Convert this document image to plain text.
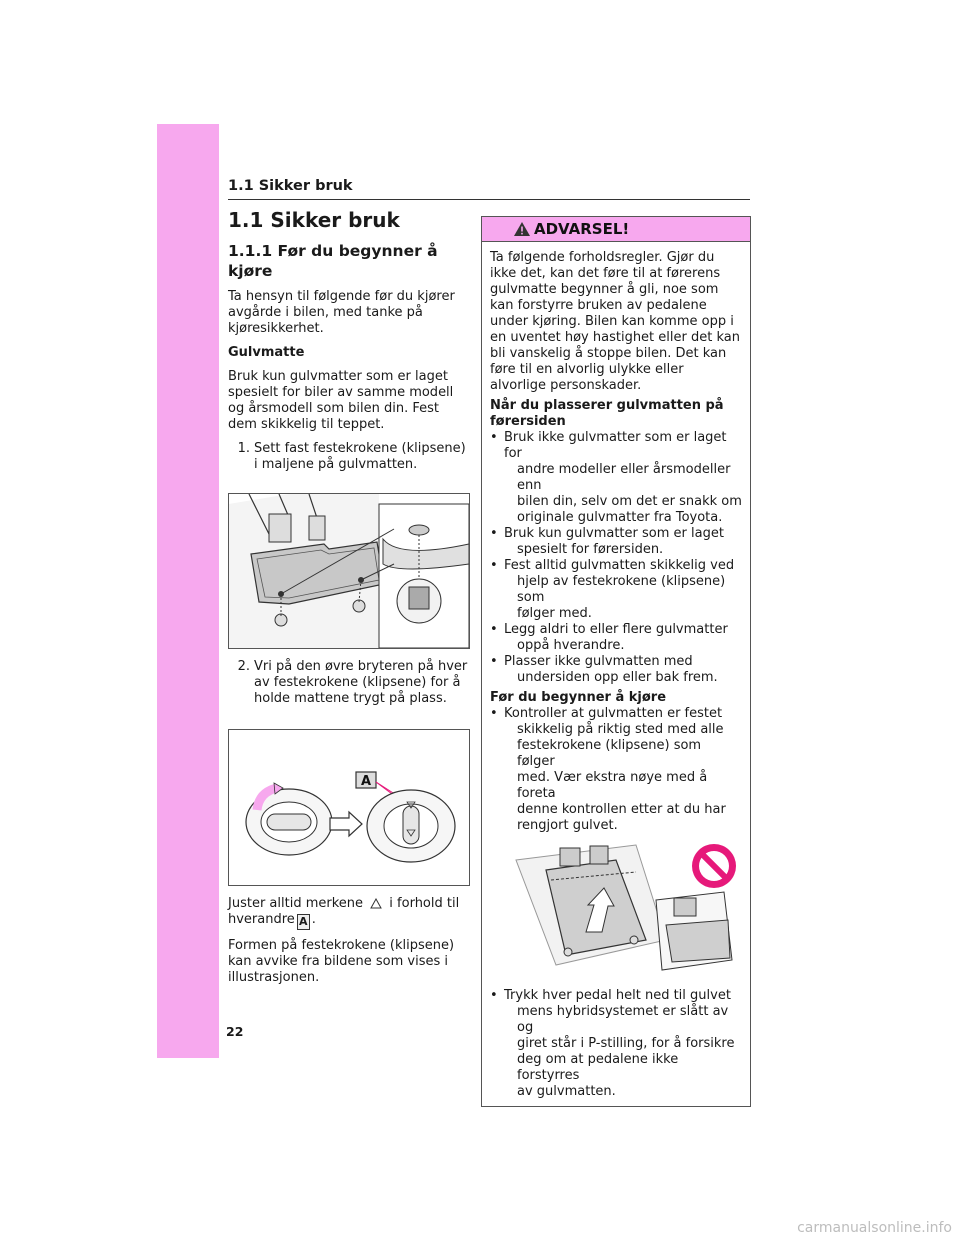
1.1 Sikker bruk
1.1 Sikker bruk
1.1.1 Før du begynner å kjøre

Ta hensyn til følgende før du kjører avgårde i bilen, med tanke på kjøresikkerhet.

Gulvmatte

Bruk kun gulvmatter som er laget spesielt for biler av samme modell og årsmodell som bilen din. Fest dem skikkelig til teppet.

1. Sett fast festekrokene (klipsene) i maljene på gulvmatten.
2. Vri på den øvre bryteren på hver av festekrokene (klipsene) for å holde mattene trygt på plass.
A

Juster alltid merkene i forhold til
hverandre A .

Formen på festekrokene (klipsene) kan avvike fra bildene som vises i illustrasjonen.

ADVARSEL!

Ta følgende forholdsregler. Gjør du ikke det, kan det føre til at førerens gulvmatte begynner å gli, noe som kan forstyrre bruken av pedalene under kjøring. Bilen kan komme opp i en uventet høy hastighet eller det kan bli vanskelig å stoppe bilen. Det kan føre til en alvorlig ulykke eller alvorlige personskader.

Når du plasserer gulvmatten på førersiden

• Bruk ikke gulvmatter som er laget for
andre modeller eller årsmodeller enn
bilen din, selv om det er snakk om
originale gulvmatter fra Toyota.
• Bruk kun gulvmatter som er laget
spesielt for førersiden.
• Fest alltid gulvmatten skikkelig ved
hjelp av festekrokene (klipsene) som
følger med.
• Legg aldri to eller flere gulvmatter
oppå hverandre.
• Plasser ikke gulvmatten med
undersiden opp eller bak frem.

Før du begynner å kjøre

• Kontroller at gulvmatten er festet
skikkelig på riktig sted med alle
festekrokene (klipsene) som følger
med. Vær ekstra nøye med å foreta
denne kontrollen etter at du har
rengjort gulvet.
• Trykk hver pedal helt ned til gulvet
mens hybridsystemet er slått av og
giret står i P-stilling, for å forsikre
deg om at pedalene ikke forstyrres
av gulvmatten.
22
carmanualsonline.info
